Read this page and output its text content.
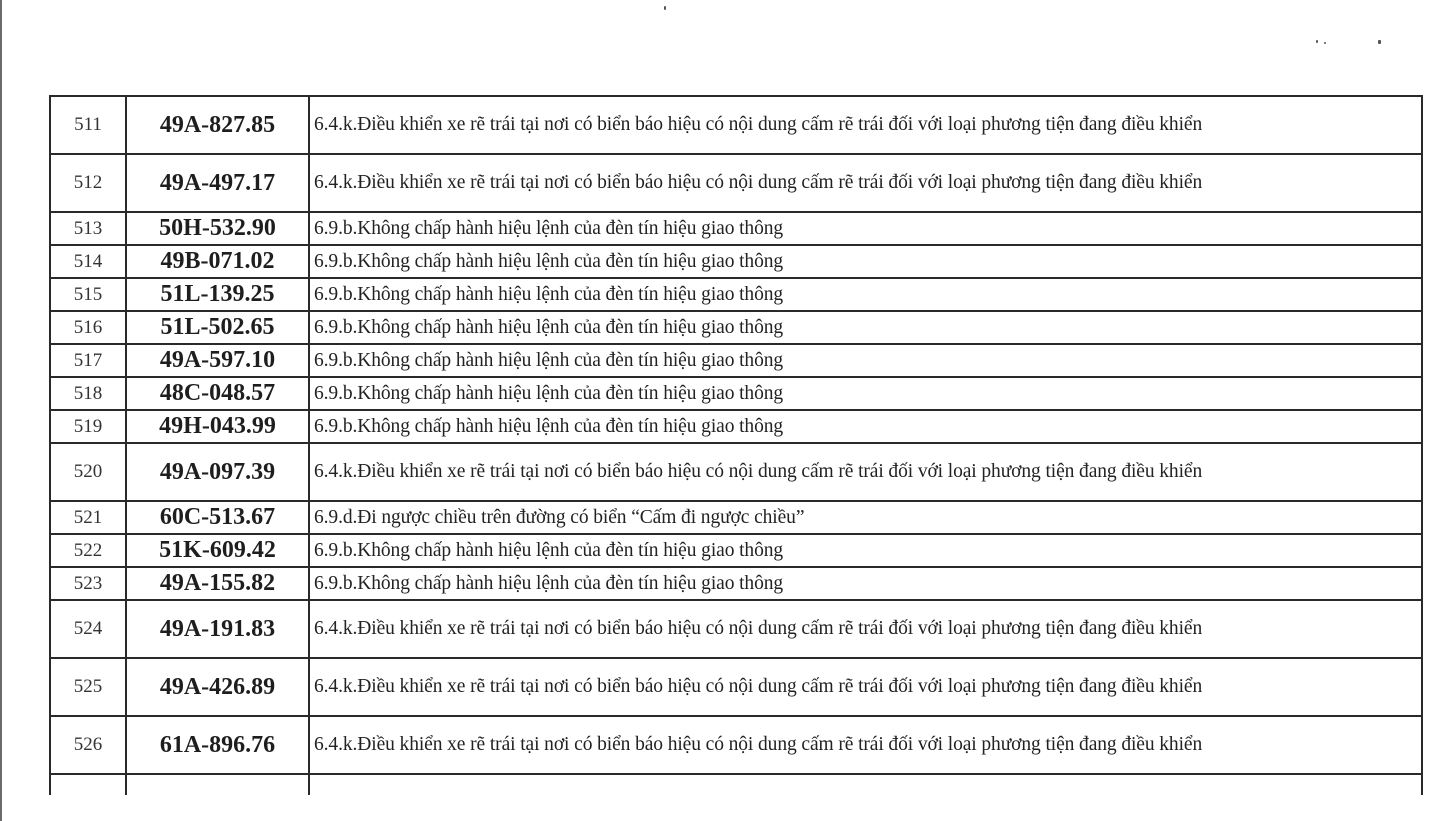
511	49A-827.85	6.4.k.Điều khiển xe rẽ trái tại nơi có biển báo hiệu có nội dung cấm rẽ trái đối với loại phương tiện đang điều khiển
512	49A-497.17	6.4.k.Điều khiển xe rẽ trái tại nơi có biển báo hiệu có nội dung cấm rẽ trái đối với loại phương tiện đang điều khiển
513	50H-532.90	6.9.b.Không chấp hành hiệu lệnh của đèn tín hiệu giao thông
514	49B-071.02	6.9.b.Không chấp hành hiệu lệnh của đèn tín hiệu giao thông
515	51L-139.25	6.9.b.Không chấp hành hiệu lệnh của đèn tín hiệu giao thông
516	51L-502.65	6.9.b.Không chấp hành hiệu lệnh của đèn tín hiệu giao thông
517	49A-597.10	6.9.b.Không chấp hành hiệu lệnh của đèn tín hiệu giao thông
518	48C-048.57	6.9.b.Không chấp hành hiệu lệnh của đèn tín hiệu giao thông
519	49H-043.99	6.9.b.Không chấp hành hiệu lệnh của đèn tín hiệu giao thông
520	49A-097.39	6.4.k.Điều khiển xe rẽ trái tại nơi có biển báo hiệu có nội dung cấm rẽ trái đối với loại phương tiện đang điều khiển
521	60C-513.67	6.9.d.Đi ngược chiều trên đường có biển “Cấm đi ngược chiều”
522	51K-609.42	6.9.b.Không chấp hành hiệu lệnh của đèn tín hiệu giao thông
523	49A-155.82	6.9.b.Không chấp hành hiệu lệnh của đèn tín hiệu giao thông
524	49A-191.83	6.4.k.Điều khiển xe rẽ trái tại nơi có biển báo hiệu có nội dung cấm rẽ trái đối với loại phương tiện đang điều khiển
525	49A-426.89	6.4.k.Điều khiển xe rẽ trái tại nơi có biển báo hiệu có nội dung cấm rẽ trái đối với loại phương tiện đang điều khiển
526	61A-896.76	6.4.k.Điều khiển xe rẽ trái tại nơi có biển báo hiệu có nội dung cấm rẽ trái đối với loại phương tiện đang điều khiển
